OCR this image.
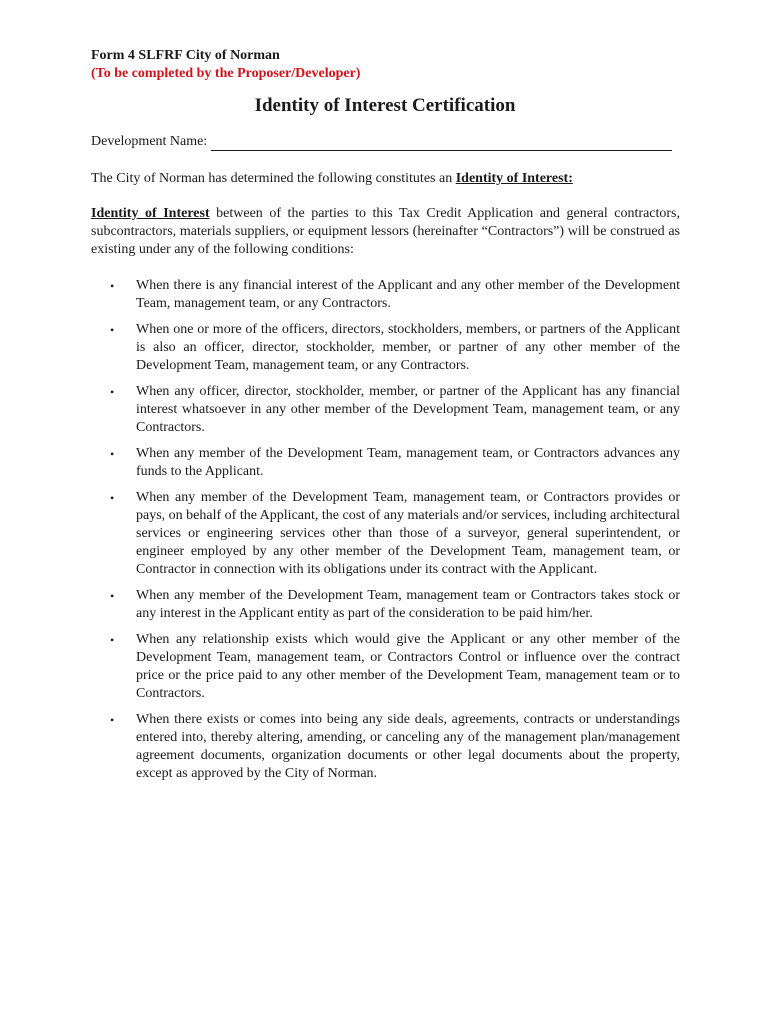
Form 4 SLFRF City of Norman
(To be completed by the Proposer/Developer)
Identity of Interest Certification
Development Name:
The City of Norman has determined the following constitutes an Identity of Interest:
Identity of Interest between of the parties to this Tax Credit Application and general contractors, subcontractors, materials suppliers, or equipment lessors (hereinafter “Contractors”) will be construed as existing under any of the following conditions:
• When there is any financial interest of the Applicant and any other member of the Development Team, management team, or any Contractors.
• When one or more of the officers, directors, stockholders, members, or partners of the Applicant is also an officer, director, stockholder, member, or partner of any other member of the Development Team, management team, or any Contractors.
• When any officer, director, stockholder, member, or partner of the Applicant has any financial interest whatsoever in any other member of the Development Team, management team, or any Contractors.
• When any member of the Development Team, management team, or Contractors advances any funds to the Applicant.
• When any member of the Development Team, management team, or Contractors provides or pays, on behalf of the Applicant, the cost of any materials and/or services, including architectural services or engineering services other than those of a surveyor, general superintendent, or engineer employed by any other member of the Development Team, management team, or Contractor in connection with its obligations under its contract with the Applicant.
• When any member of the Development Team, management team or Contractors takes stock or any interest in the Applicant entity as part of the consideration to be paid him/her.
• When any relationship exists which would give the Applicant or any other member of the Development Team, management team, or Contractors Control or influence over the contract price or the price paid to any other member of the Development Team, management team or to Contractors.
• When there exists or comes into being any side deals, agreements, contracts or understandings entered into, thereby altering, amending, or canceling any of the management plan/management agreement documents, organization documents or other legal documents about the property, except as approved by the City of Norman.
